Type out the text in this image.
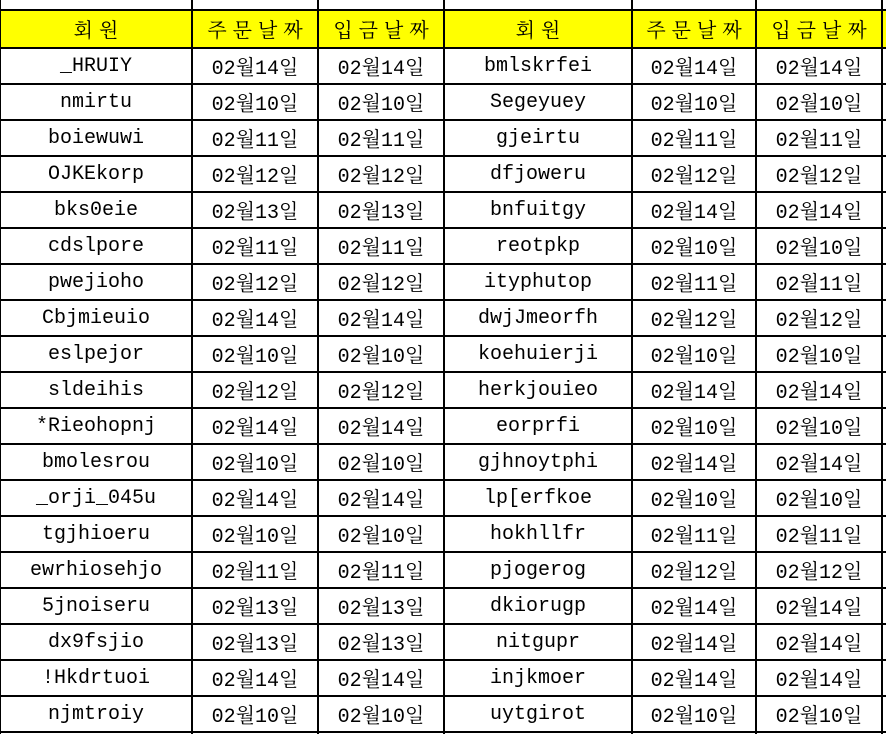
회원	주문날짜	입금날짜	회원	주문날짜	입금날짜
_HRUIY	02월14일	02월14일	bmlskrfei	02월14일	02월14일
nmirtu	02월10일	02월10일	Segeyuey	02월10일	02월10일
boiewuwi	02월11일	02월11일	gjeirtu	02월11일	02월11일
OJKEkorp	02월12일	02월12일	dfjoweru	02월12일	02월12일
bks0eie	02월13일	02월13일	bnfuitgy	02월14일	02월14일
cdslpore	02월11일	02월11일	reotpkp	02월10일	02월10일
pwejioho	02월12일	02월12일	ityphutop	02월11일	02월11일
Cbjmieuio	02월14일	02월14일	dwjJmeorfh	02월12일	02월12일
eslpejor	02월10일	02월10일	koehuierji	02월10일	02월10일
sldeihis	02월12일	02월12일	herkjouieo	02월14일	02월14일
*Rieohopnj	02월14일	02월14일	eorprfi	02월10일	02월10일
bmolesrou	02월10일	02월10일	gjhnoytphi	02월14일	02월14일
_orji_045u	02월14일	02월14일	lp[erfkoe	02월10일	02월10일
tgjhioeru	02월10일	02월10일	hokhllfr	02월11일	02월11일
ewrhiosehjo	02월11일	02월11일	pjogerog	02월12일	02월12일
5jnoiseru	02월13일	02월13일	dkiorugp	02월14일	02월14일
dx9fsjio	02월13일	02월13일	nitgupr	02월14일	02월14일
!Hkdrtuoi	02월14일	02월14일	injkmoer	02월14일	02월14일
njmtroiy	02월10일	02월10일	uytgirot	02월10일	02월10일
